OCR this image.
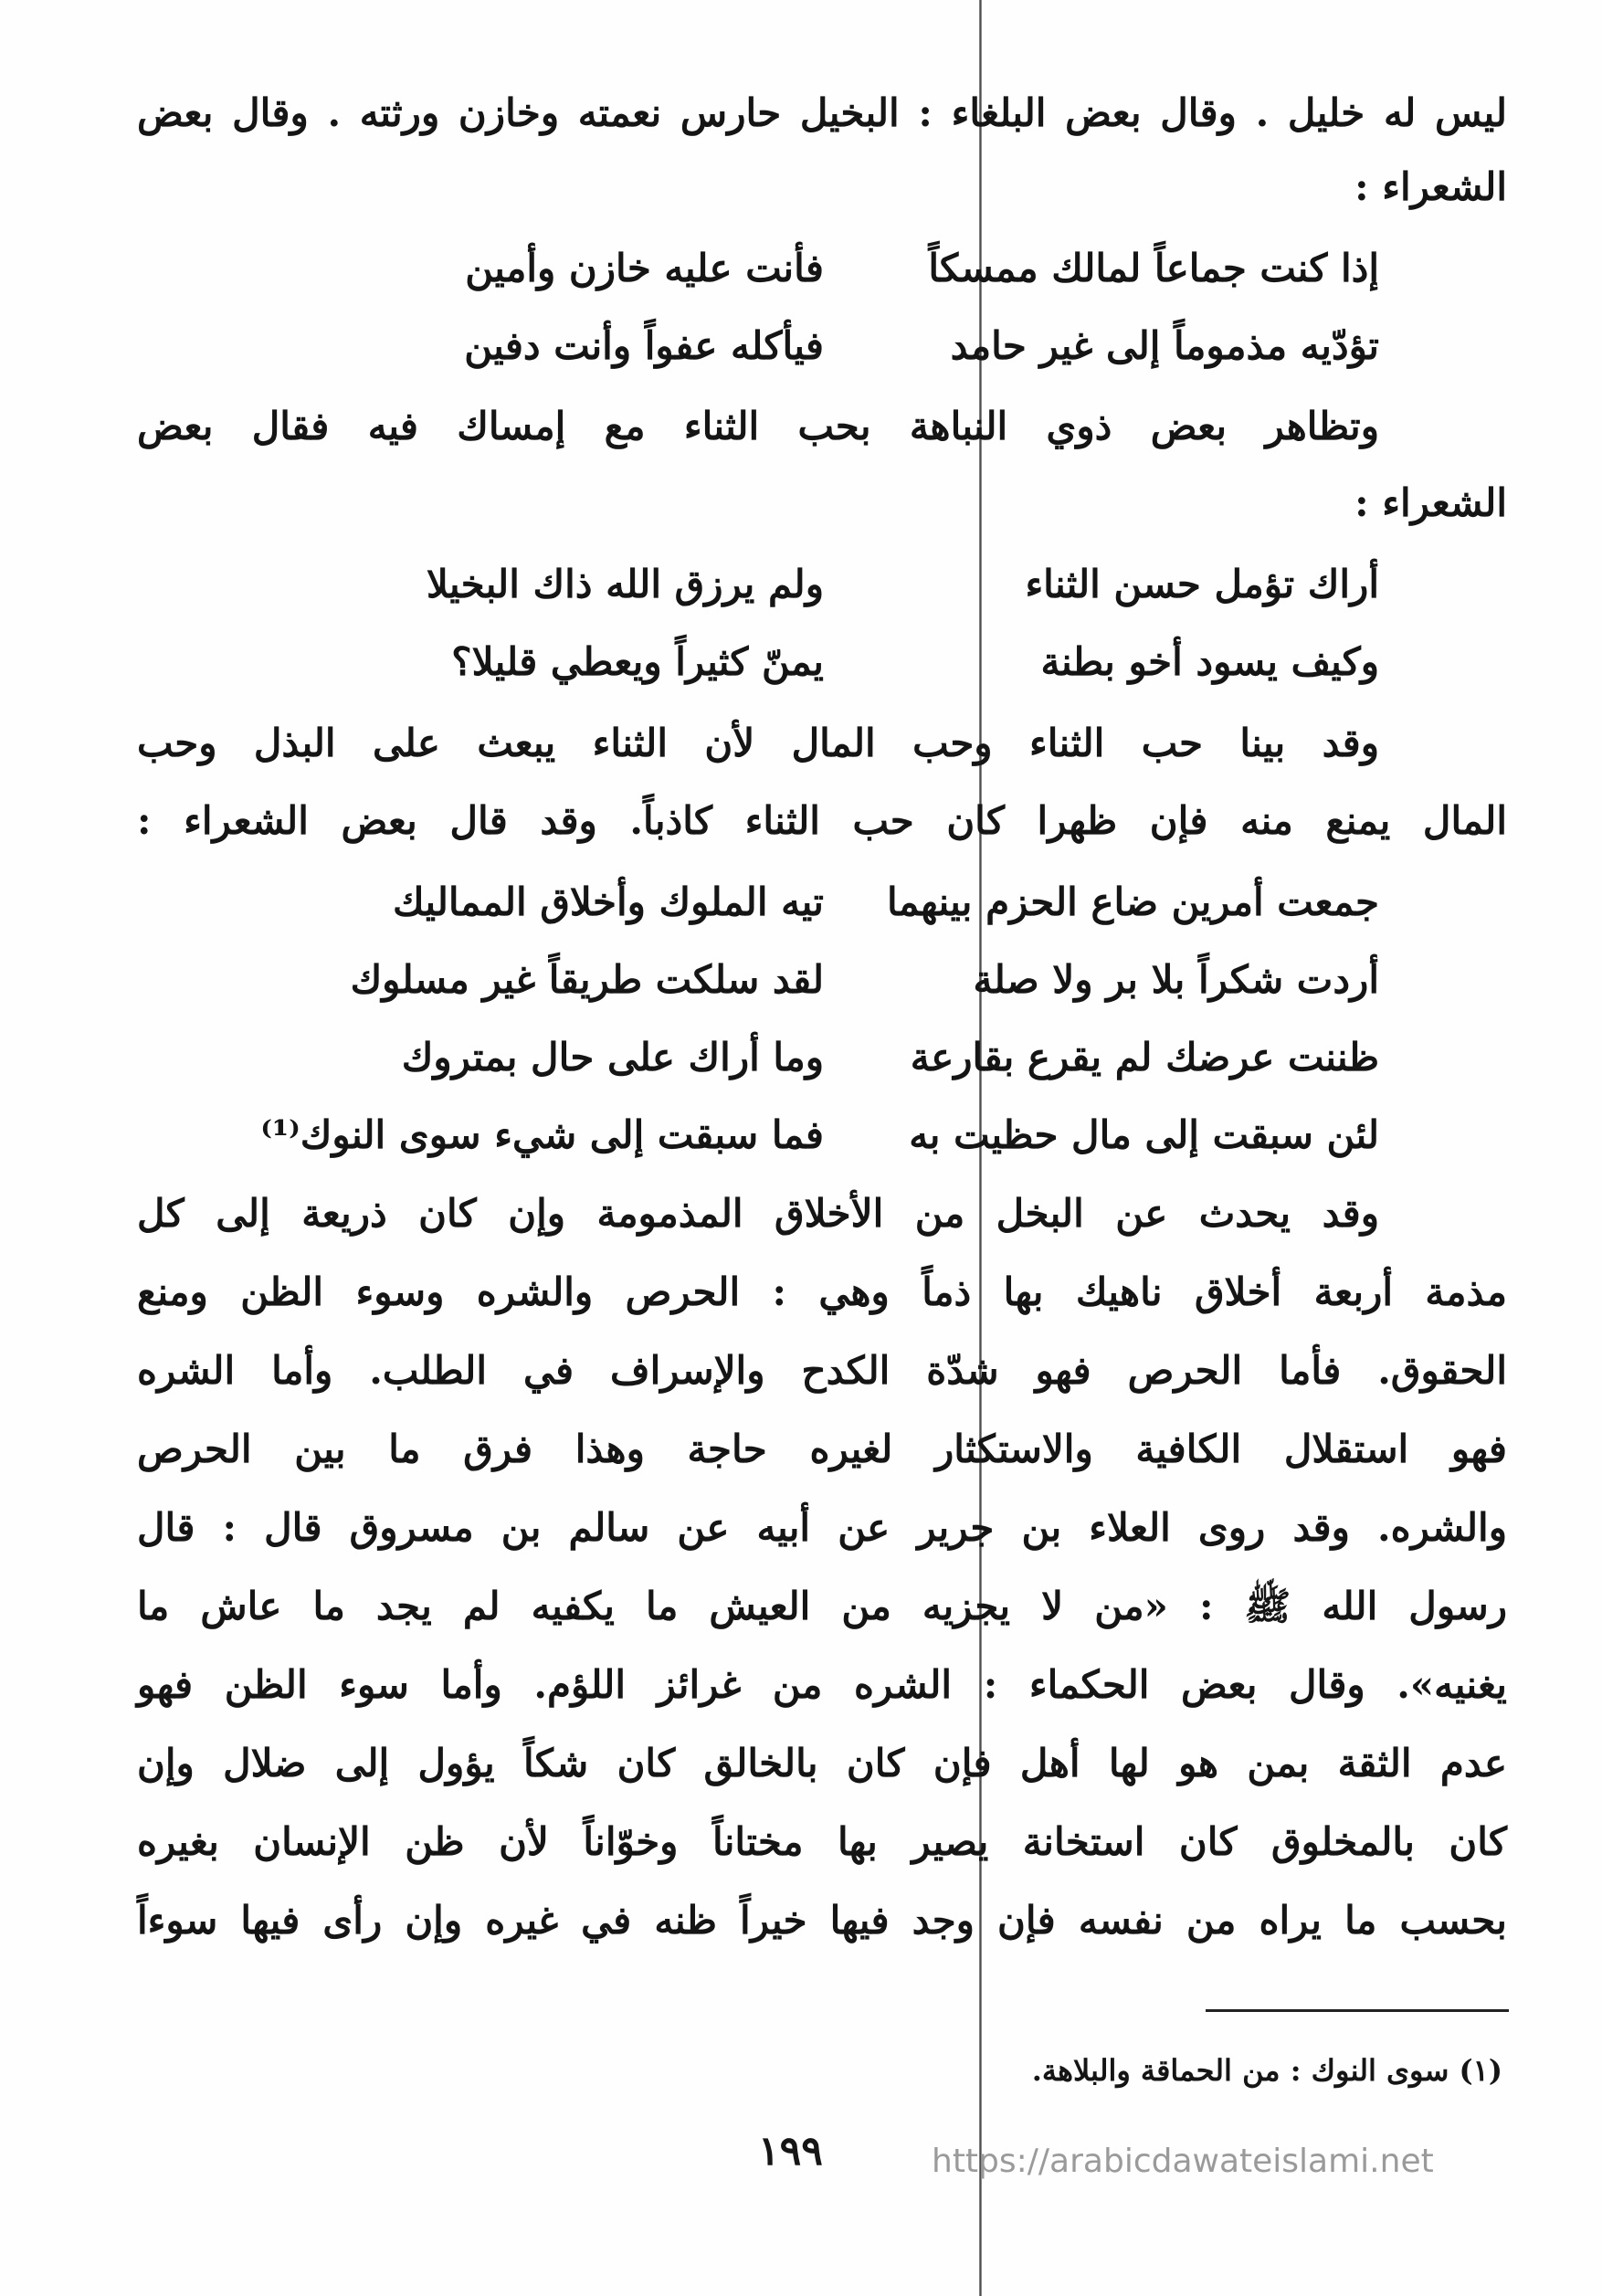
ليس له خليل . وقال بعض البلغاء : البخيل حارس نعمته وخازن ورثته . وقال بعض
الشعراء :
إذا كنت جماعاً لمالك ممسكاً
فأنت عليه خازن وأمين
تؤدّيه مذموماً إلى غير حامد
فيأكله عفواً وأنت دفين
وتظاهر بعض ذوي النباهة بحب الثناء مع إمساك فيه فقال بعض
الشعراء :
أراك تؤمل حسن الثناء
ولم يرزق الله ذاك البخيلا
وكيف يسود أخو بطنة
يمنّ كثيراً ويعطي قليلا؟
وقد بينا حب الثناء وحب المال لأن الثناء يبعث على البذل وحب
المال يمنع منه فإن ظهرا كان حب الثناء كاذباً. وقد قال بعض الشعراء :
جمعت أمرين ضاع الحزم بينهما
تيه الملوك وأخلاق المماليك
أردت شكراً بلا بر ولا صلة
لقد سلكت طريقاً غير مسلوك
ظننت عرضك لم يقرع بقارعة
وما أراك على حال بمتروك
لئن سبقت إلى مال حظيت به
فما سبقت إلى شيء سوى النوك⁽¹⁾
وقد يحدث عن البخل من الأخلاق المذمومة وإن كان ذريعة إلى كل
مذمة أربعة أخلاق ناهيك بها ذماً وهي : الحرص والشره وسوء الظن ومنع
الحقوق. فأما الحرص فهو شدّة الكدح والإسراف في الطلب. وأما الشره
فهو استقلال الكافية والاستكثار لغيره حاجة وهذا فرق ما بين الحرص
والشره. وقد روى العلاء بن جرير عن أبيه عن سالم بن مسروق قال : قال
رسول الله ﷺ : «من لا يجزيه من العيش ما يكفيه لم يجد ما عاش ما
يغنيه». وقال بعض الحكماء : الشره من غرائز اللؤم. وأما سوء الظن فهو
عدم الثقة بمن هو لها أهل فإن كان بالخالق كان شكاً يؤول إلى ضلال وإن
كان بالمخلوق كان استخانة يصير بها مختاناً وخوّاناً لأن ظن الإنسان بغيره
بحسب ما يراه من نفسه فإن وجد فيها خيراً ظنه في غيره وإن رأى فيها سوءاً
(١) سوى النوك : من الحماقة والبلاهة.
١٩٩	https://arabicdawateislami.net
